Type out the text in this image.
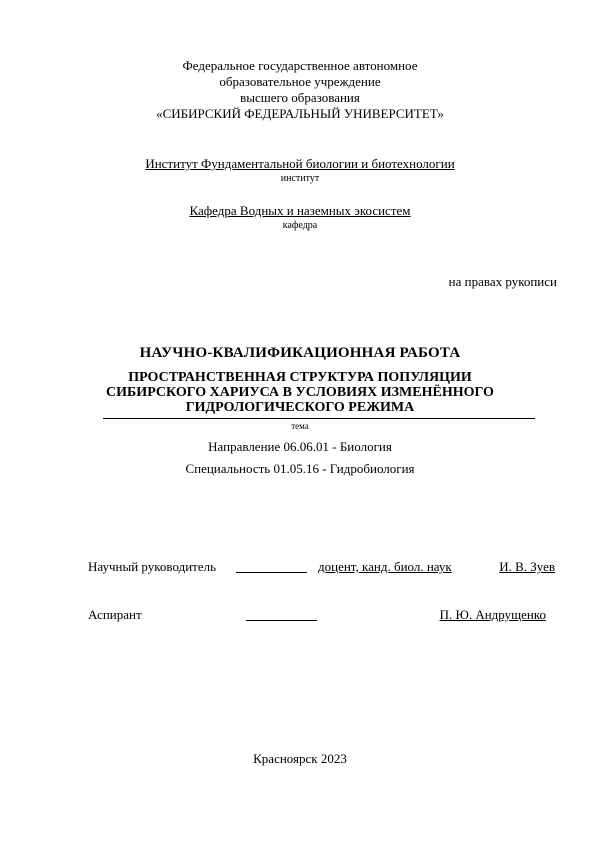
Федеральное государственное автономное
образовательное учреждение
высшего образования
«СИБИРСКИЙ ФЕДЕРАЛЬНЫЙ УНИВЕРСИТЕТ»
Институт Фундаментальной биологии и биотехнологии
институт
Кафедра Водных и наземных экосистем
кафедра
на правах рукописи
НАУЧНО-КВАЛИФИКАЦИОННАЯ РАБОТА
ПРОСТРАНСТВЕННАЯ СТРУКТУРА ПОПУЛЯЦИИ
СИБИРСКОГО ХАРИУСА В УСЛОВИЯХ ИЗМЕНЁННОГО
ГИДРОЛОГИЧЕСКОГО РЕЖИМА
тема
Направление 06.06.01 - Биология
Специальность 01.05.16 - Гидробиология
Научный руководитель	доцент, канд. биол. наук	И. В. Зуев
Аспирант	П. Ю. Андрущенко
Красноярск 2023
